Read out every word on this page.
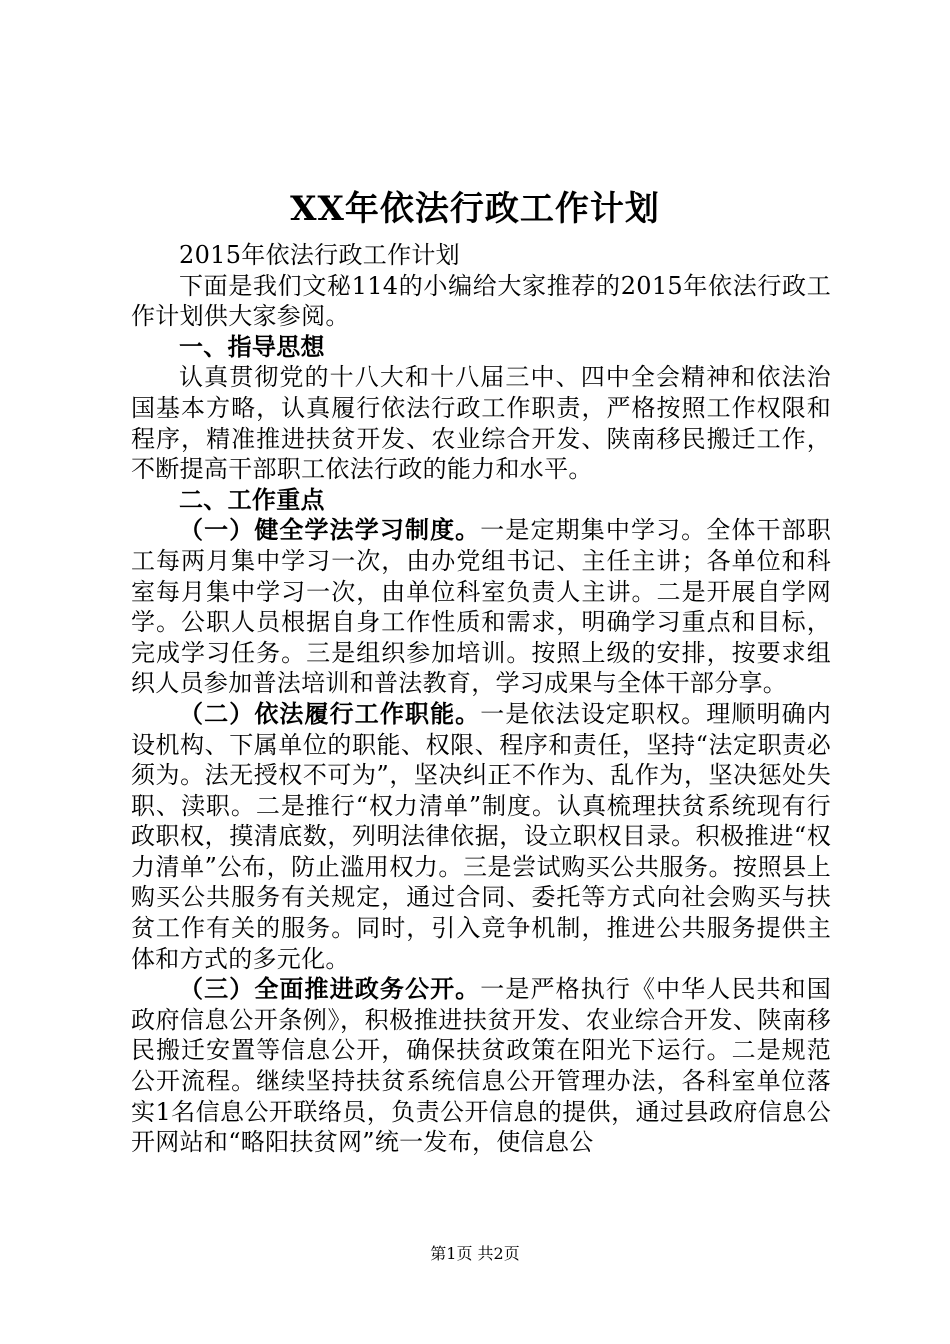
XX年依法行政工作计划

2015年依法行政工作计划

下面是我们文秘114的小编给大家推荐的2015年依法行政工作计划供大家参阅。

一、指导思想

认真贯彻党的十八大和十八届三中、四中全会精神和依法治国基本方略，认真履行依法行政工作职责，严格按照工作权限和程序，精准推进扶贫开发、农业综合开发、陕南移民搬迁工作，不断提高干部职工依法行政的能力和水平。

二、工作重点

（一）健全学法学习制度。一是定期集中学习。全体干部职工每两月集中学习一次，由办党组书记、主任主讲；各单位和科室每月集中学习一次，由单位科室负责人主讲。二是开展自学网学。公职人员根据自身工作性质和需求，明确学习重点和目标，完成学习任务。三是组织参加培训。按照上级的安排，按要求组织人员参加普法培训和普法教育，学习成果与全体干部分享。

（二）依法履行工作职能。一是依法设定职权。理顺明确内设机构、下属单位的职能、权限、程序和责任，坚持“法定职责必须为。法无授权不可为”，坚决纠正不作为、乱作为，坚决惩处失职、渎职。二是推行“权力清单”制度。认真梳理扶贫系统现有行政职权，摸清底数，列明法律依据，设立职权目录。积极推进“权力清单”公布，防止滥用权力。三是尝试购买公共服务。按照县上购买公共服务有关规定，通过合同、委托等方式向社会购买与扶贫工作有关的服务。同时，引入竞争机制，推进公共服务提供主体和方式的多元化。

（三）全面推进政务公开。一是严格执行《中华人民共和国政府信息公开条例》，积极推进扶贫开发、农业综合开发、陕南移民搬迁安置等信息公开，确保扶贫政策在阳光下运行。二是规范公开流程。继续坚持扶贫系统信息公开管理办法，各科室单位落实1名信息公开联络员，负责公开信息的提供，通过县政府信息公开网站和“略阳扶贫网”统一发布，使信息公

第1页 共2页
